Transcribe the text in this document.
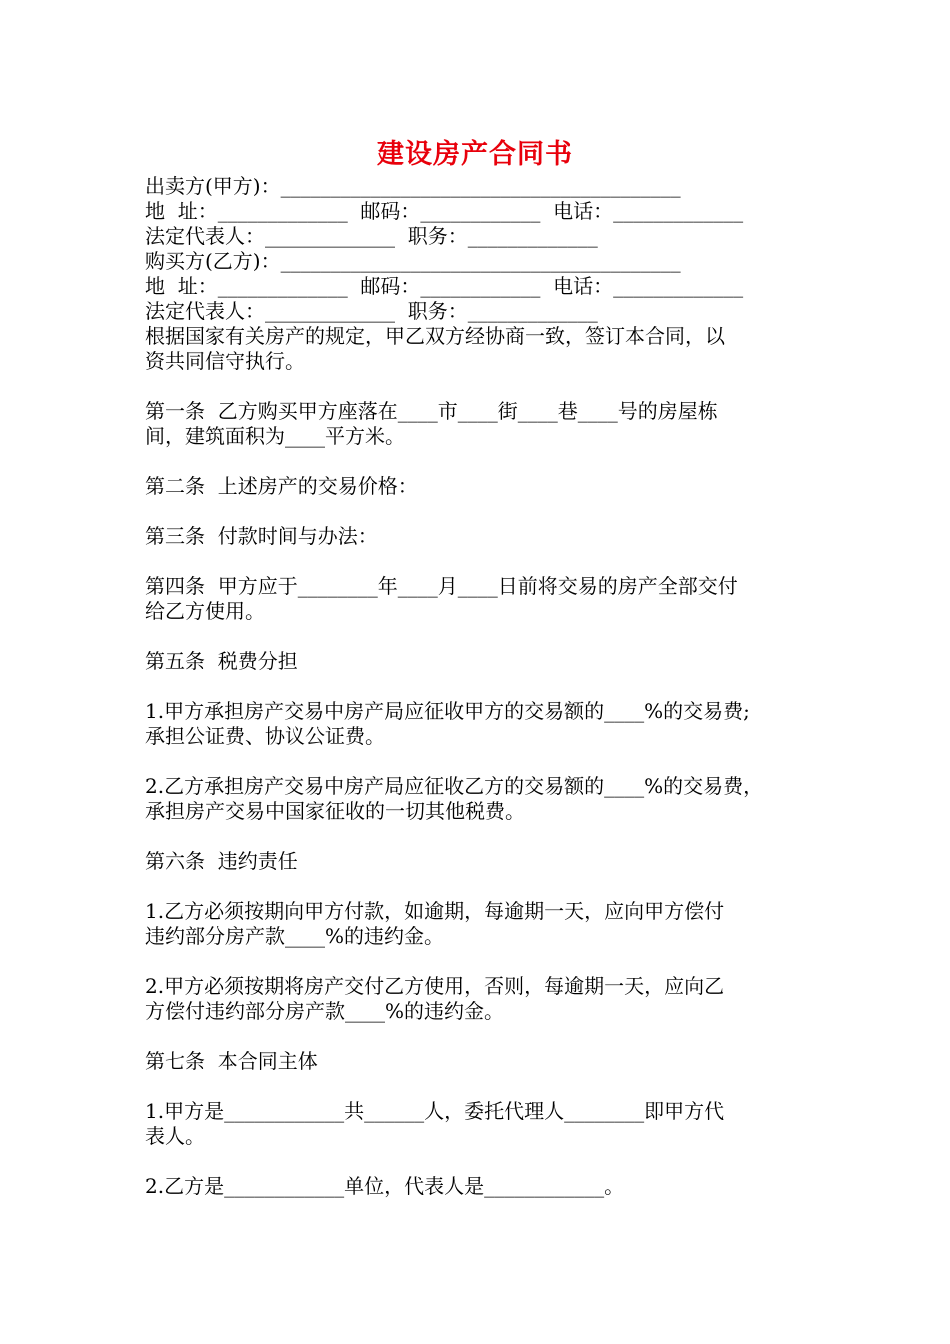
建设房产合同书
出卖方(甲方)：________________________________________
地  址：_____________  邮码：____________  电话：_____________
法定代表人：_____________  职务：_____________
购买方(乙方)：________________________________________
地  址：_____________  邮码：____________  电话：_____________
法定代表人：_____________  职务：_____________
根据国家有关房产的规定，甲乙双方经协商一致，签订本合同，以
资共同信守执行。
第一条  乙方购买甲方座落在____市____街____巷____号的房屋栋
间，建筑面积为____平方米。
第二条  上述房产的交易价格：
第三条  付款时间与办法：
第四条  甲方应于________年____月____日前将交易的房产全部交付
给乙方使用。
第五条  税费分担
1.甲方承担房产交易中房产局应征收甲方的交易额的____%的交易费;
承担公证费、协议公证费。
2.乙方承担房产交易中房产局应征收乙方的交易额的____%的交易费，
承担房产交易中国家征收的一切其他税费。
第六条  违约责任
1.乙方必须按期向甲方付款，如逾期，每逾期一天，应向甲方偿付
违约部分房产款____%的违约金。
2.甲方必须按期将房产交付乙方使用，否则，每逾期一天，应向乙
方偿付违约部分房产款____%的违约金。
第七条  本合同主体
1.甲方是____________共______人，委托代理人________即甲方代
表人。
2.乙方是____________单位，代表人是____________。
